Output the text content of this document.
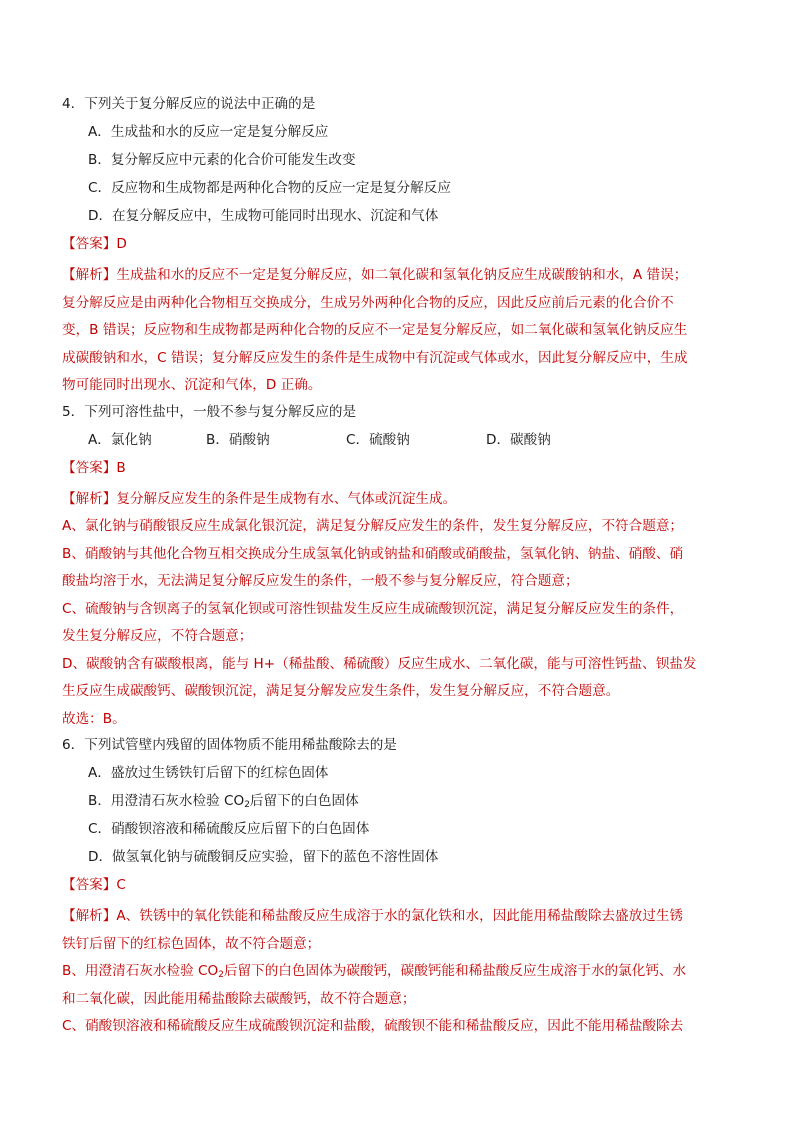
4．下列关于复分解反应的说法中正确的是
A．生成盐和水的反应一定是复分解反应
B．复分解反应中元素的化合价可能发生改变
C．反应物和生成物都是两种化合物的反应一定是复分解反应
D．在复分解反应中，生成物可能同时出现水、沉淀和气体
【答案】D
【解析】生成盐和水的反应不一定是复分解反应，如二氧化碳和氢氧化钠反应生成碳酸钠和水，A 错误；
复分解反应是由两种化合物相互交换成分，生成另外两种化合物的反应，因此反应前后元素的化合价不
变，B 错误；反应物和生成物都是两种化合物的反应不一定是复分解反应，如二氧化碳和氢氧化钠反应生
成碳酸钠和水，C 错误；复分解反应发生的条件是生成物中有沉淀或气体或水，因此复分解反应中，生成
物可能同时出现水、沉淀和气体，D 正确。
5．下列可溶性盐中，一般不参与复分解反应的是
A．氯化钠	B．硝酸钠	C．硫酸钠	D．碳酸钠
【答案】B
【解析】复分解反应发生的条件是生成物有水、气体或沉淀生成。
A、氯化钠与硝酸银反应生成氯化银沉淀，满足复分解反应发生的条件，发生复分解反应，不符合题意；
B、硝酸钠与其他化合物互相交换成分生成氢氧化钠或钠盐和硝酸或硝酸盐，氢氧化钠、钠盐、硝酸、硝
酸盐均溶于水，无法满足复分解反应发生的条件，一般不参与复分解反应，符合题意；
C、硫酸钠与含钡离子的氢氧化钡或可溶性钡盐发生反应生成硫酸钡沉淀，满足复分解反应发生的条件，
发生复分解反应，不符合题意；
D、碳酸钠含有碳酸根离，能与 H+（稀盐酸、稀硫酸）反应生成水、二氧化碳，能与可溶性钙盐、钡盐发
生反应生成碳酸钙、碳酸钡沉淀，满足复分解发应发生条件，发生复分解反应，不符合题意。
故选：B。
6．下列试管壁内残留的固体物质不能用稀盐酸除去的是
A．盛放过生锈铁钉后留下的红棕色固体
B．用澄清石灰水检验 $CO_2$后留下的白色固体
C．硝酸钡溶液和稀硫酸反应后留下的白色固体
D．做氢氧化钠与硫酸铜反应实验，留下的蓝色不溶性固体
【答案】C
【解析】A、铁锈中的氧化铁能和稀盐酸反应生成溶于水的氯化铁和水，因此能用稀盐酸除去盛放过生锈
铁钉后留下的红棕色固体，故不符合题意；
B、用澄清石灰水检验 $CO_2$后留下的白色固体为碳酸钙，碳酸钙能和稀盐酸反应生成溶于水的氯化钙、水
和二氧化碳，因此能用稀盐酸除去碳酸钙，故不符合题意；
C、硝酸钡溶液和稀硫酸反应生成硫酸钡沉淀和盐酸，硫酸钡不能和稀盐酸反应，因此不能用稀盐酸除去
